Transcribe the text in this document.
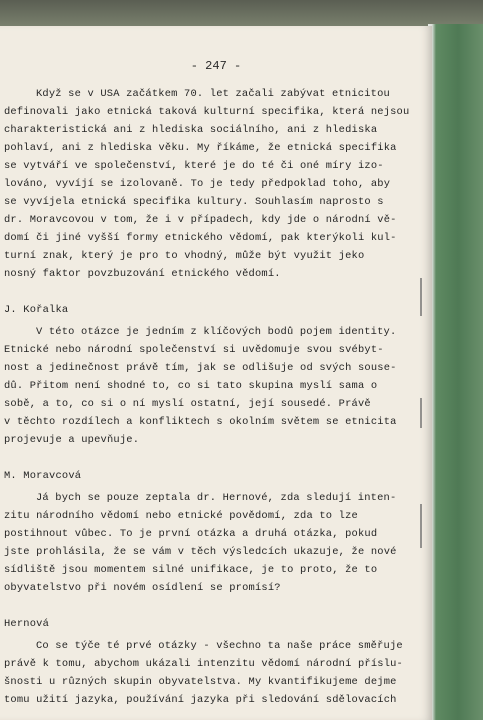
- 247 -
Když se v USA začátkem 70. let začali zabývat etnicitou
definovali jako etnická taková kulturní specifika, která nejsou
charakteristická ani z hlediska sociálního, ani z hlediska
pohlaví, ani z hlediska věku. My říkáme, že etnická specifika
se vytváří ve společenství, které je do té či oné míry izo-
lováno, vyvíjí se izolovaně. To je tedy předpoklad toho, aby
se vyvíjela etnická specifika kultury. Souhlasím naprosto s
dr. Moravcovou v tom, že i v případech, kdy jde o národní vě-
domí či jiné vyšší formy etnického vědomí, pak kterýkoli kul-
turní znak, který je pro to vhodný, může být využit jeko
nosný faktor povzbuzování etnického vědomí.
J. Kořalka
V této otázce je jedním z klíčových bodů pojem identity.
Etnické nebo národní společenství si uvědomuje svou svébyt-
nost a jedinečnost právě tím, jak se odlišuje od svých souse-
dů. Přitom není shodné to, co si tato skupina myslí sama o
sobě, a to, co si o ní myslí ostatní, její sousedé. Právě
v těchto rozdílech a konfliktech s okolním světem se etnicita
projevuje a upevňuje.
M. Moravcová
Já bych se pouze zeptala dr. Hernové, zda sledují inten-
zitu národního vědomí nebo etnické povědomí, zda to lze
postihnout vůbec. To je první otázka a druhá otázka, pokud
jste prohlásila, že se vám v těch výsledcích ukazuje, že nové
sídliště jsou momentem silné unifikace, je to proto, že to
obyvatelstvo při novém osídlení se promísí?
Hernová
Co se týče té prvé otázky - všechno ta naše práce směřuje
právě k tomu, abychom ukázali intenzitu vědomí národní příslu-
šnosti u různých skupin obyvatelstva. My kvantifikujeme dejme
tomu užití jazyka, používání jazyka při sledování sdělovacích
